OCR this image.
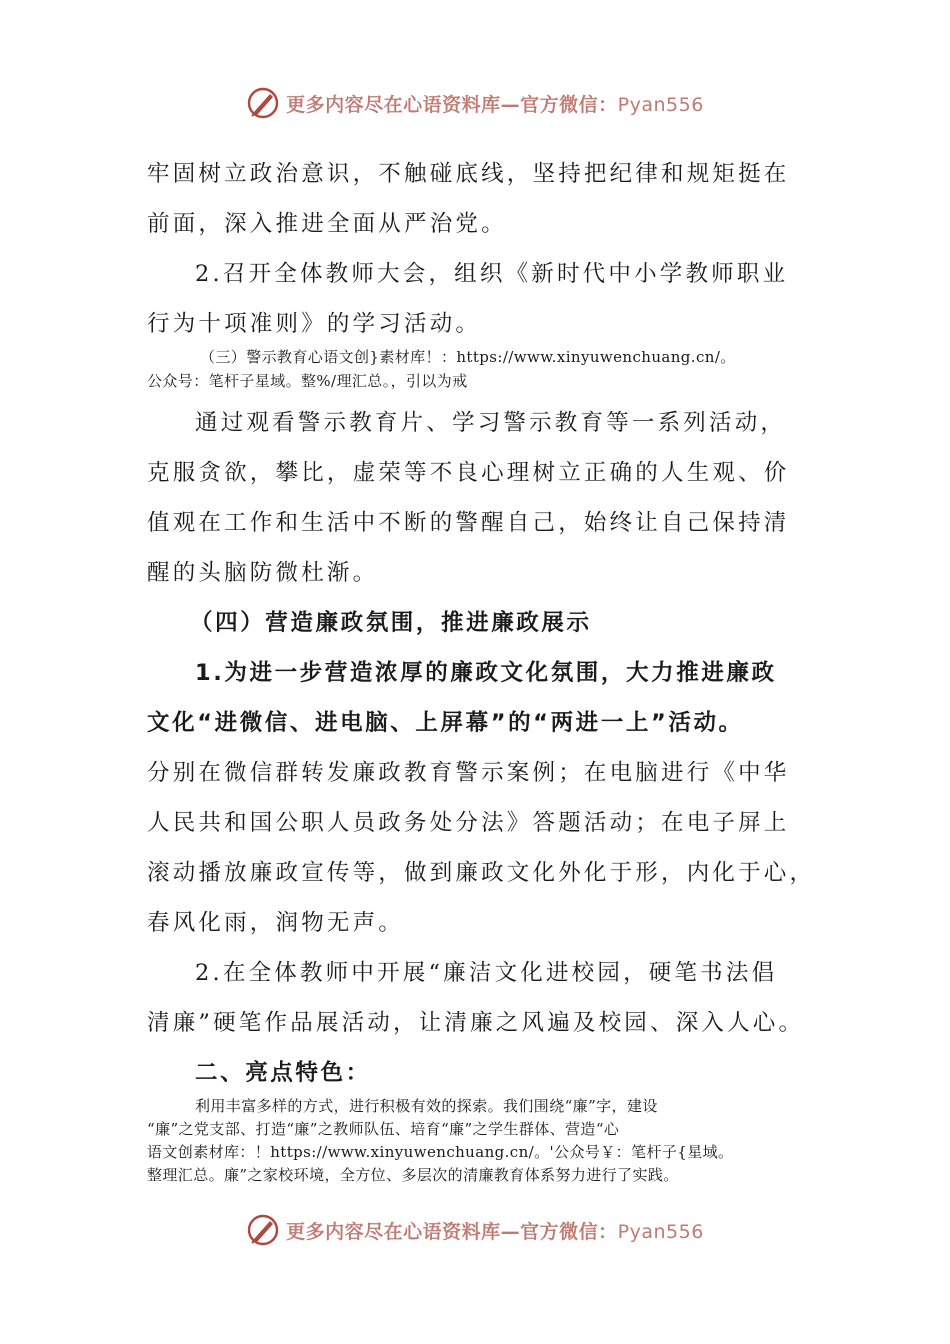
更多内容尽在心语资料库—官方微信：Pyan556
牢固树立政治意识，不触碰底线，坚持把纪律和规矩挺在
前面，深入推进全面从严治党。
2.召开全体教师大会，组织《新时代中小学教师职业
行为十项准则》的学习活动。
（三）警示教育心语文创}素材库！：https://www.xinyuwenchuang.cn/。
公众号：笔杆子星域。整%/理汇总。，引以为戒
通过观看警示教育片、学习警示教育等一系列活动，
克服贪欲，攀比，虚荣等不良心理树立正确的人生观、价
值观在工作和生活中不断的警醒自己，始终让自己保持清
醒的头脑防微杜渐。
（四）营造廉政氛围，推进廉政展示
1.为进一步营造浓厚的廉政文化氛围，大力推进廉政
文化“进微信、进电脑、上屏幕”的“两进一上”活动。
分别在微信群转发廉政教育警示案例；在电脑进行《中华
人民共和国公职人员政务处分法》答题活动；在电子屏上
滚动播放廉政宣传等，做到廉政文化外化于形，内化于心，
春风化雨，润物无声。
2.在全体教师中开展“廉洁文化进校园，硬笔书法倡
清廉”硬笔作品展活动，让清廉之风遍及校园、深入人心。
二、亮点特色：
利用丰富多样的方式，进行积极有效的探索。我们围绕“廉”字，建设
“廉”之党支部、打造“廉”之教师队伍、培育“廉”之学生群体、营造“心
语文创素材库：！https://www.xinyuwenchuang.cn/。'公众号￥：笔杆子{星域。
整理汇总。廉”之家校环境，全方位、多层次的清廉教育体系努力进行了实践。
更多内容尽在心语资料库—官方微信：Pyan556
